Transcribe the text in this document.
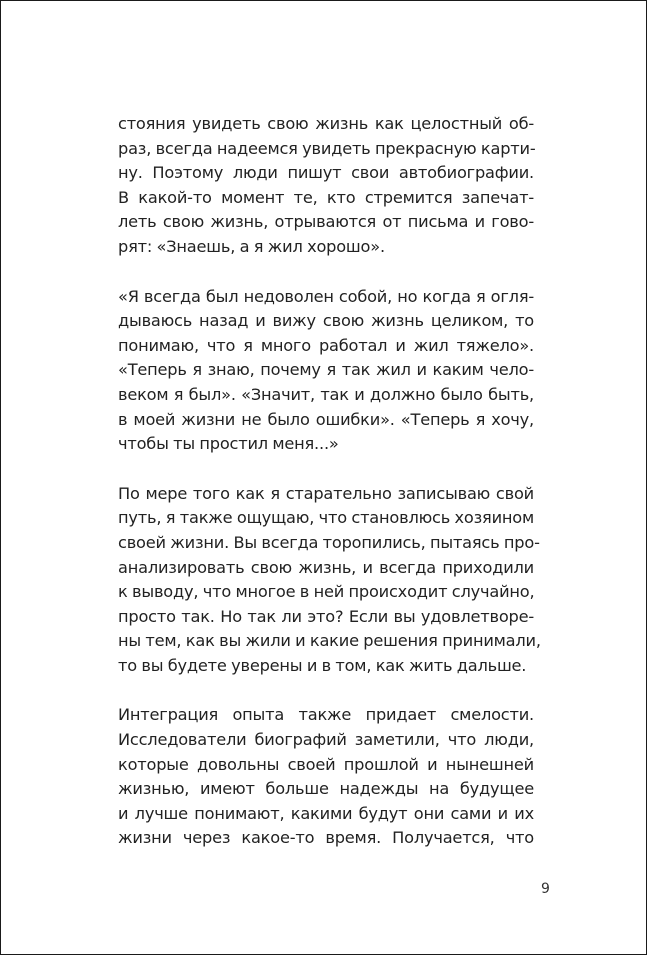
стояния увидеть свою жизнь как целостный об-
раз, всегда надеемся увидеть прекрасную карти-
ну. Поэтому люди пишут свои автобиографии.
В какой-то момент те, кто стремится запечат-
леть свою жизнь, отрываются от письма и гово-
рят: «Знаешь, а я жил хорошо».

«Я всегда был недоволен собой, но когда я огля-
дываюсь назад и вижу свою жизнь целиком, то
понимаю, что я много работал и жил тяжело».
«Теперь я знаю, почему я так жил и каким чело-
веком я был». «Значит, так и должно было быть,
в моей жизни не было ошибки». «Теперь я хочу,
чтобы ты простил меня...»

По мере того как я старательно записываю свой
путь, я также ощущаю, что становлюсь хозяином
своей жизни. Вы всегда торопились, пытаясь про-
анализировать свою жизнь, и всегда приходили
к выводу, что многое в ней происходит случайно,
просто так. Но так ли это? Если вы удовлетворе-
ны тем, как вы жили и какие решения принимали,
то вы будете уверены и в том, как жить дальше.

Интеграция опыта также придает смелости.
Исследователи биографий заметили, что люди,
которые довольны своей прошлой и нынешней
жизнью, имеют больше надежды на будущее
и лучше понимают, какими будут они сами и их
жизни через какое-то время. Получается, что

9
